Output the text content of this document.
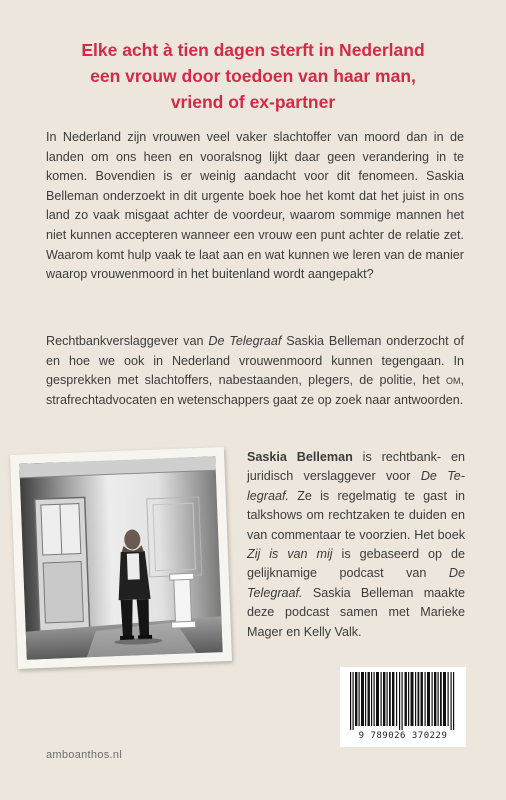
Elke acht à tien dagen sterft in Nederland
een vrouw door toedoen van haar man,
vriend of ex-partner
In Nederland zijn vrouwen veel vaker slachtoffer van moord dan in de landen om ons heen en vooralsnog lijkt daar geen verandering in te komen. Bovendien is er weinig aandacht voor dit fenomeen. Saskia Belleman onderzoekt in dit urgente boek hoe het komt dat het juist in ons land zo vaak misgaat achter de voordeur, waarom sommige mannen het niet kunnen accepteren wanneer een vrouw een punt achter de relatie zet. Waarom komt hulp vaak te laat aan en wat kunnen we leren van de manier waarop vrouwenmoord in het buitenland wordt aangepakt?
Rechtbankverslaggever van De Telegraaf Saskia Belleman onderzocht of en hoe we ook in Nederland vrouwenmoord kunnen tegengaan. In gesprekken met slachtoffers, nabestaanden, plegers, de politie, het om, strafrechtadvocaten en wetenschappers gaat ze op zoek naar antwoorden.
Saskia Belleman is rechtbank- en juridisch verslaggever voor De Telegraaf. Ze is regelmatig te gast in talkshows om rechtzaken te duiden en van commentaar te voorzien. Het boek Zij is van mij is gebaseerd op de gelijknamige podcast van De Telegraaf. Saskia Belleman maakte deze podcast samen met Marieke Mager en Kelly Valk.
9 789026 370229
amboanthos.nl
